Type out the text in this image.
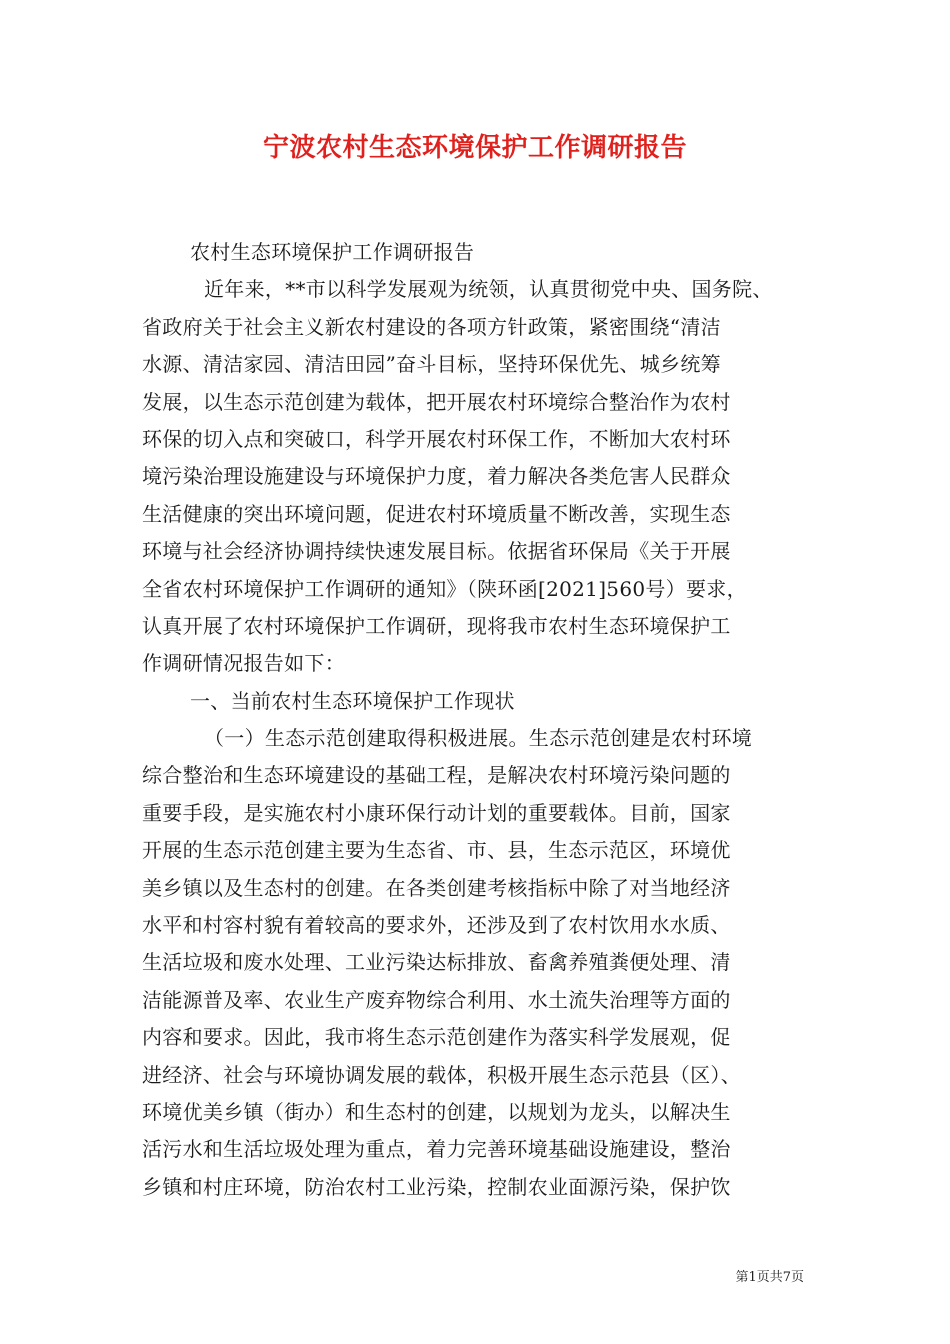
宁波农村生态环境保护工作调研报告
农村生态环境保护工作调研报告
近年来，**市以科学发展观为统领，认真贯彻党中央、国务院、
省政府关于社会主义新农村建设的各项方针政策，紧密围绕“清洁
水源、清洁家园、清洁田园”奋斗目标，坚持环保优先、城乡统筹
发展，以生态示范创建为载体，把开展农村环境综合整治作为农村
环保的切入点和突破口，科学开展农村环保工作，不断加大农村环
境污染治理设施建设与环境保护力度，着力解决各类危害人民群众
生活健康的突出环境问题，促进农村环境质量不断改善，实现生态
环境与社会经济协调持续快速发展目标。依据省环保局《关于开展
全省农村环境保护工作调研的通知》（陕环函[2021]560号）要求，
认真开展了农村环境保护工作调研，现将我市农村生态环境保护工
作调研情况报告如下：
一、当前农村生态环境保护工作现状
（一）生态示范创建取得积极进展。生态示范创建是农村环境
综合整治和生态环境建设的基础工程，是解决农村环境污染问题的
重要手段，是实施农村小康环保行动计划的重要载体。目前，国家
开展的生态示范创建主要为生态省、市、县，生态示范区，环境优
美乡镇以及生态村的创建。在各类创建考核指标中除了对当地经济
水平和村容村貌有着较高的要求外，还涉及到了农村饮用水水质、
生活垃圾和废水处理、工业污染达标排放、畜禽养殖粪便处理、清
洁能源普及率、农业生产废弃物综合利用、水土流失治理等方面的
内容和要求。因此，我市将生态示范创建作为落实科学发展观，促
进经济、社会与环境协调发展的载体，积极开展生态示范县（区）、
环境优美乡镇（街办）和生态村的创建，以规划为龙头，以解决生
活污水和生活垃圾处理为重点，着力完善环境基础设施建设，整治
乡镇和村庄环境，防治农村工业污染，控制农业面源污染，保护饮
第1页共7页
